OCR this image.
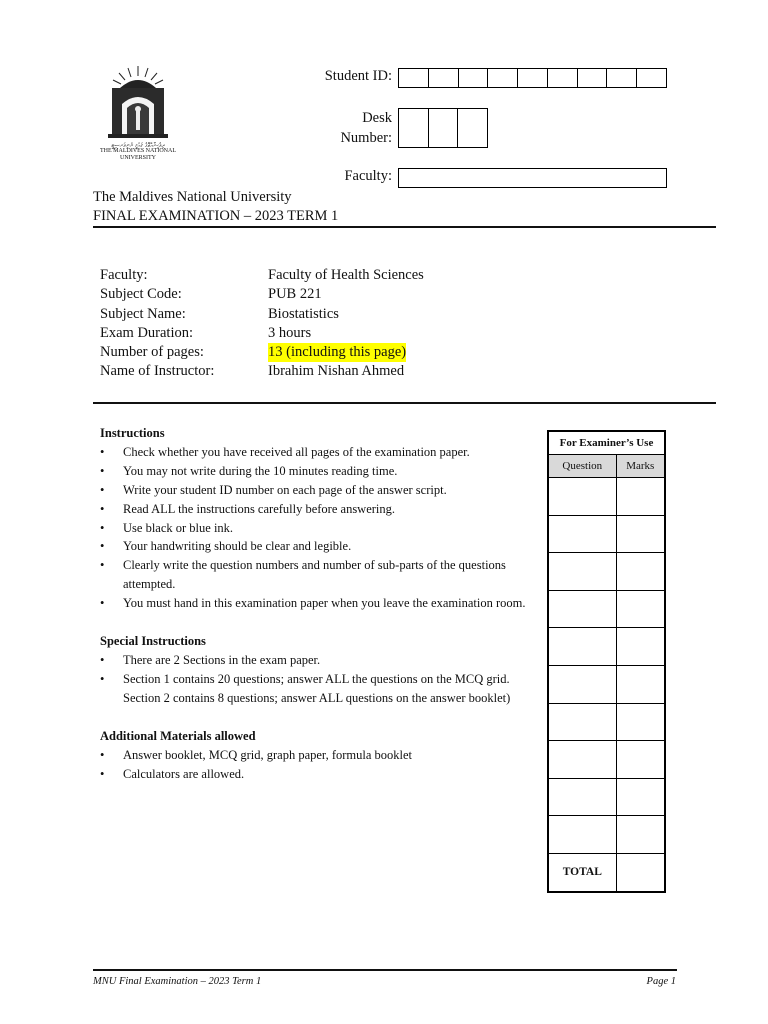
ދިވެހިރާއްޖޭގެ ޤައުމީ ޔުނިވަރސިޓީ
THE MALDIVES NATIONAL
UNIVERSITY
Student ID:
Desk
Number:
Faculty:
The Maldives National University
FINAL EXAMINATION – 2023 TERM 1
Faculty:	Faculty of Health Sciences
Subject Code:	PUB 221
Subject Name:	Biostatistics
Exam Duration:	3 hours
Number of pages:	13 (including this page)
Name of Instructor:	Ibrahim Nishan Ahmed
Instructions
• Check whether you have received all pages of the examination paper.
• You may not write during the 10 minutes reading time.
• Write your student ID number on each page of the answer script.
• Read ALL the instructions carefully before answering.
• Use black or blue ink.
• Your handwriting should be clear and legible.
• Clearly write the question numbers and number of sub-parts of the questions attempted.
• You must hand in this examination paper when you leave the examination room.
Special Instructions
• There are 2 Sections in the exam paper.
• Section 1 contains 20 questions; answer ALL the questions on the MCQ grid. Section 2 contains 8 questions; answer ALL questions on the answer booklet)
Additional Materials allowed
• Answer booklet, MCQ grid, graph paper, formula booklet
• Calculators are allowed.
For Examiner’s Use	
Question	Marks

TOTAL	
MNU Final Examination – 2023 Term 1	Page 1
